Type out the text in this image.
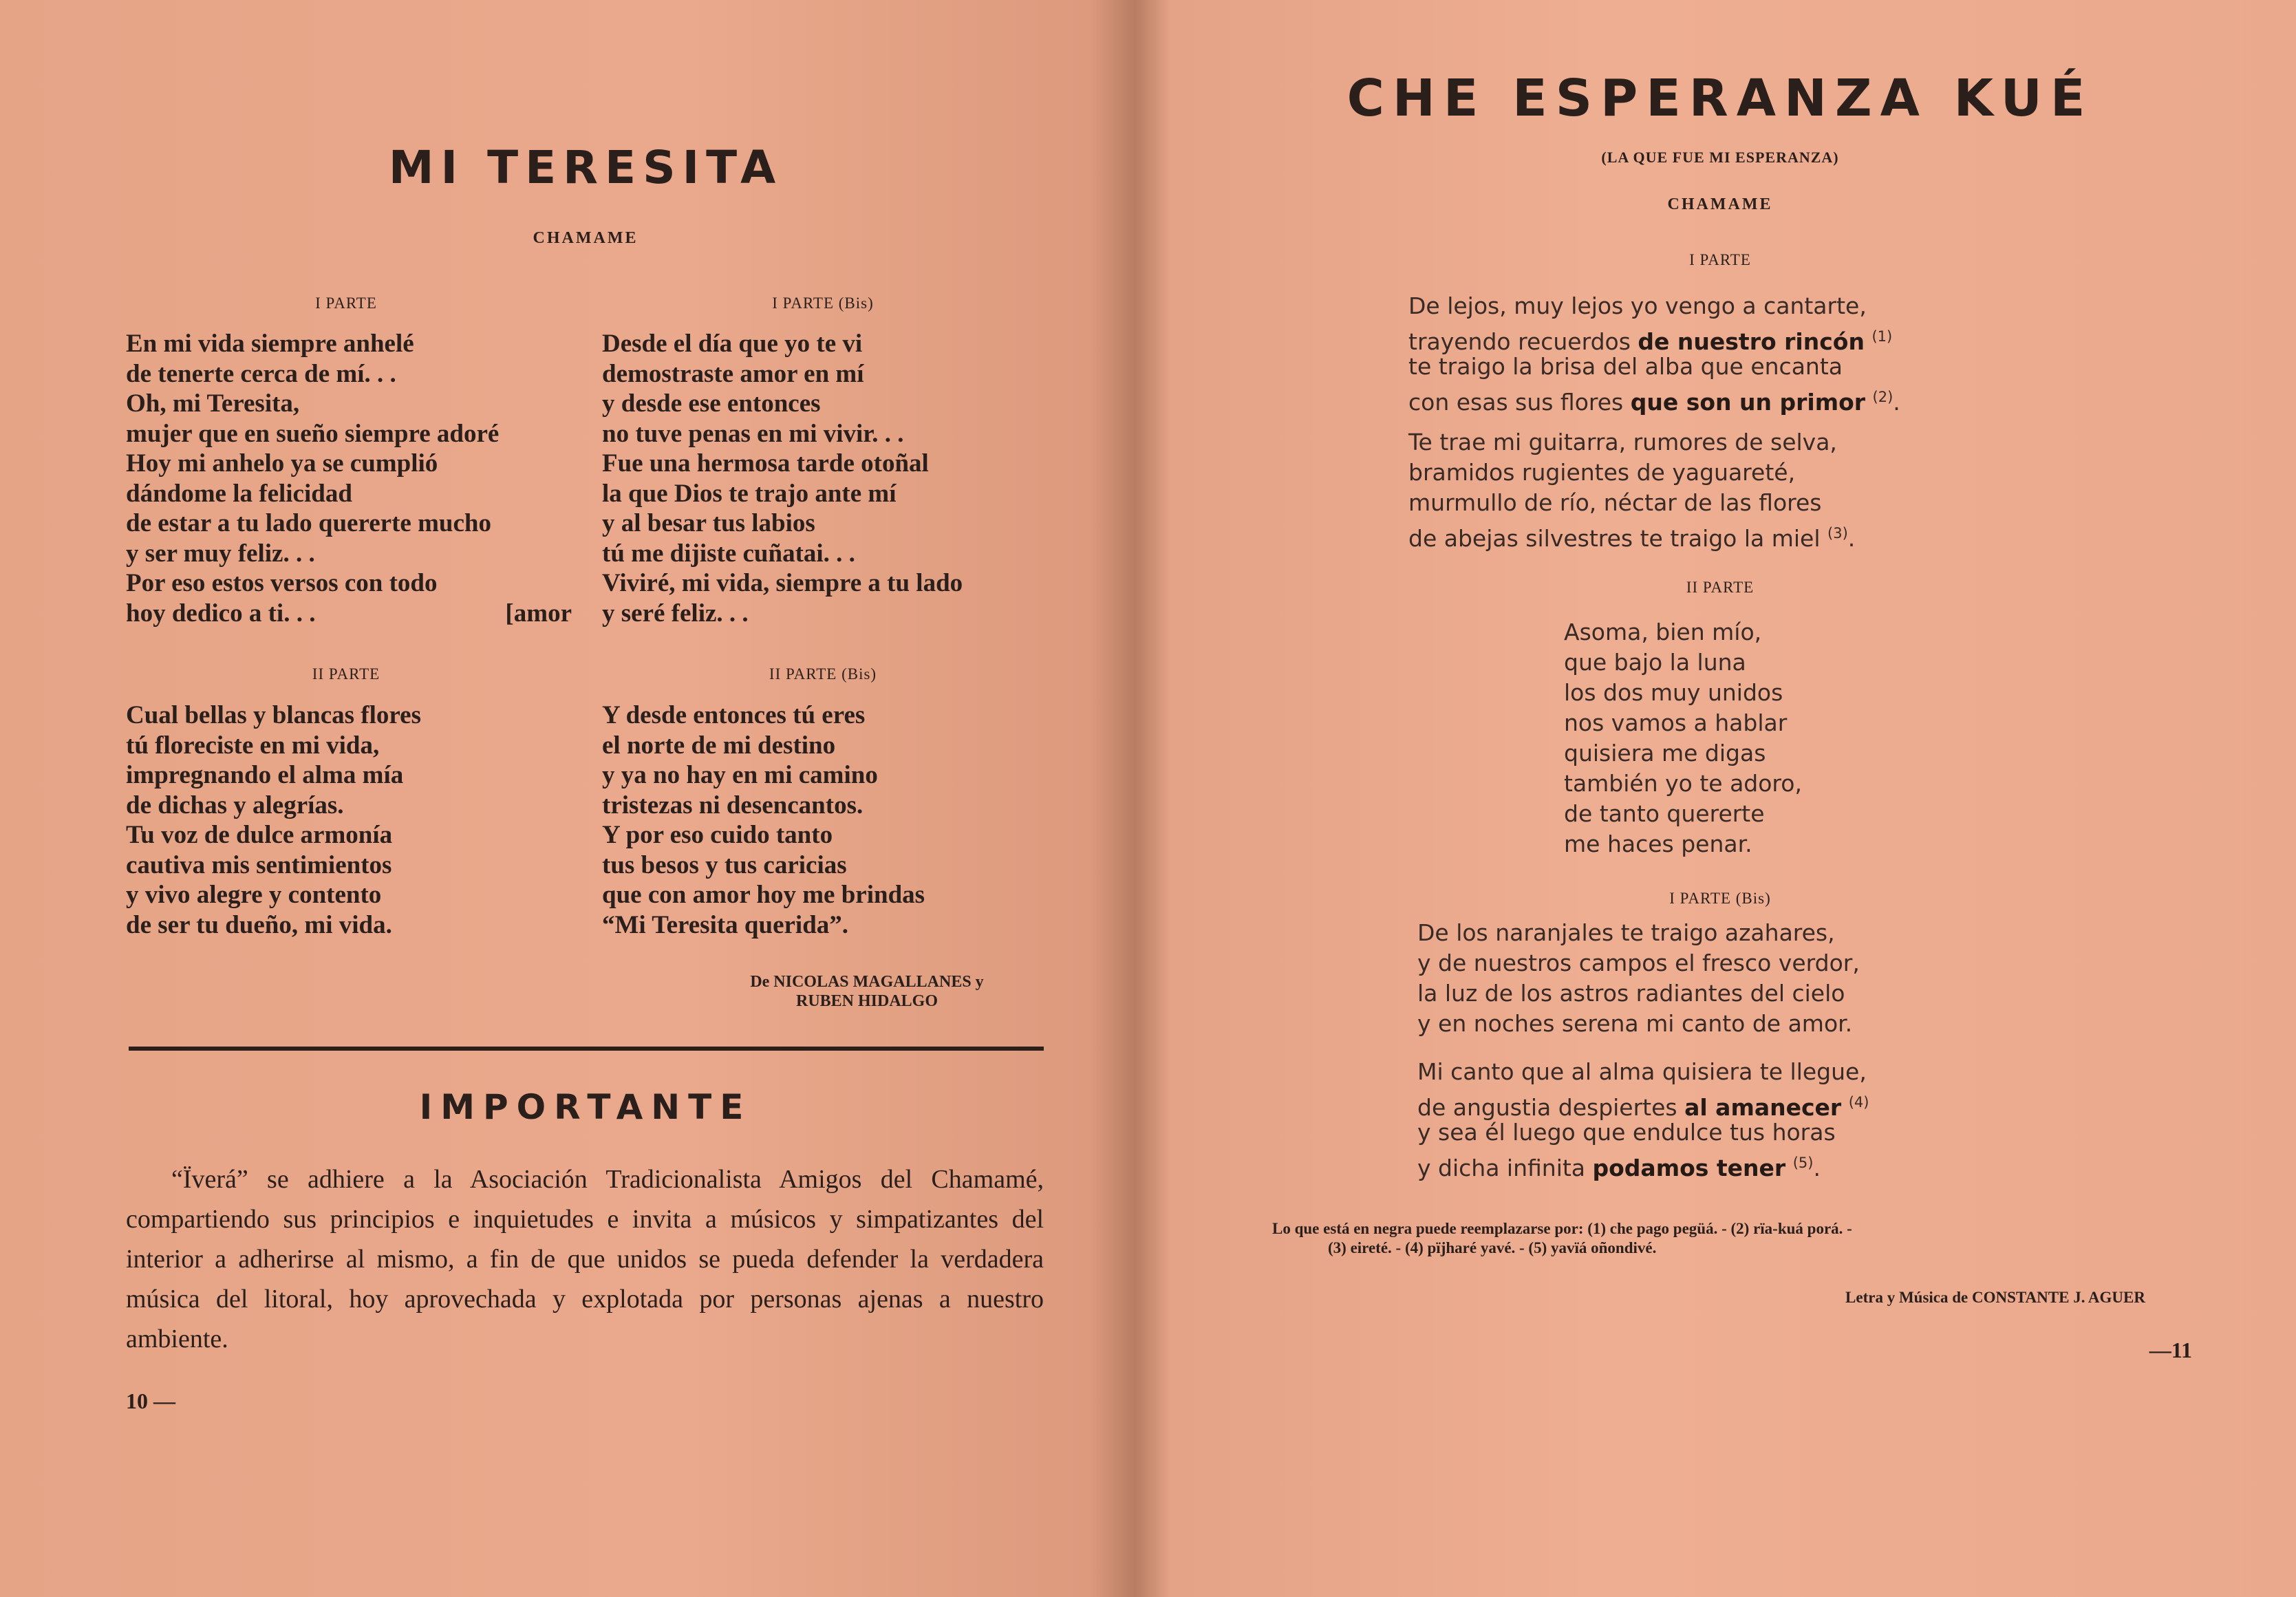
MI TERESITA
CHAMAME
I PARTE
En mi vida siempre anhelé
de tenerte cerca de mí. . .
Oh, mi Teresita,
mujer que en sueño siempre adoré
Hoy mi anhelo ya se cumplió
dándome la felicidad
de estar a tu lado quererte mucho
y ser muy feliz. . .
Por eso estos versos con todo
hoy dedico a ti. . .	[amor
I PARTE (Bis)
Desde el día que yo te vi
demostraste amor en mí
y desde ese entonces
no tuve penas en mi vivir. . .
Fue una hermosa tarde otoñal
la que Dios te trajo ante mí
y al besar tus labios
tú me dijiste cuñatai. . .
Viviré, mi vida, siempre a tu lado
y seré feliz. . .
II PARTE
Cual bellas y blancas flores
tú floreciste en mi vida,
impregnando el alma mía
de dichas y alegrías.
Tu voz de dulce armonía
cautiva mis sentimientos
y vivo alegre y contento
de ser tu dueño, mi vida.
II PARTE (Bis)
Y desde entonces tú eres
el norte de mi destino
y ya no hay en mi camino
tristezas ni desencantos.
Y por eso cuido tanto
tus besos y tus caricias
que con amor hoy me brindas
“Mi Teresita querida”.
De NICOLAS MAGALLANES y
RUBEN HIDALGO
IMPORTANTE
“Ïverá” se adhiere a la Asociación Tradicionalista Amigos del Chamamé, compartiendo sus principios e inquietudes e invita a músicos y simpatizantes del interior a adherirse al mismo, a fin de que unidos se pueda defender la verdadera música del litoral, hoy aprovechada y explotada por personas ajenas a nuestro ambiente.
10 —
CHE ESPERANZA KUÉ
(LA QUE FUE MI ESPERANZA)
CHAMAME
I PARTE
De lejos, muy lejos yo vengo a cantarte,
trayendo recuerdos de nuestro rincón $^{(1)}$
te traigo la brisa del alba que encanta
con esas sus flores que son un primor $^{(2)}$.
Te trae mi guitarra, rumores de selva,
bramidos rugientes de yaguareté,
murmullo de río, néctar de las flores
de abejas silvestres te traigo la miel $^{(3)}$.
II PARTE
Asoma, bien mío,
que bajo la luna
los dos muy unidos
nos vamos a hablar
quisiera me digas
también yo te adoro,
de tanto quererte
me haces penar.
I PARTE (Bis)
De los naranjales te traigo azahares,
y de nuestros campos el fresco verdor,
la luz de los astros radiantes del cielo
y en noches serena mi canto de amor.
Mi canto que al alma quisiera te llegue,
de angustia despiertes al amanecer $^{(4)}$
y sea él luego que endulce tus horas
y dicha infinita podamos tener $^{(5)}$.
Lo que está en negra puede reemplazarse por: (1) che pago pegüá. - (2) rïa-kuá porá. -
(3) eireté. - (4) pïjharé yavé. - (5) yavïá oñondivé.
Letra y Música de CONSTANTE J. AGUER
—11
